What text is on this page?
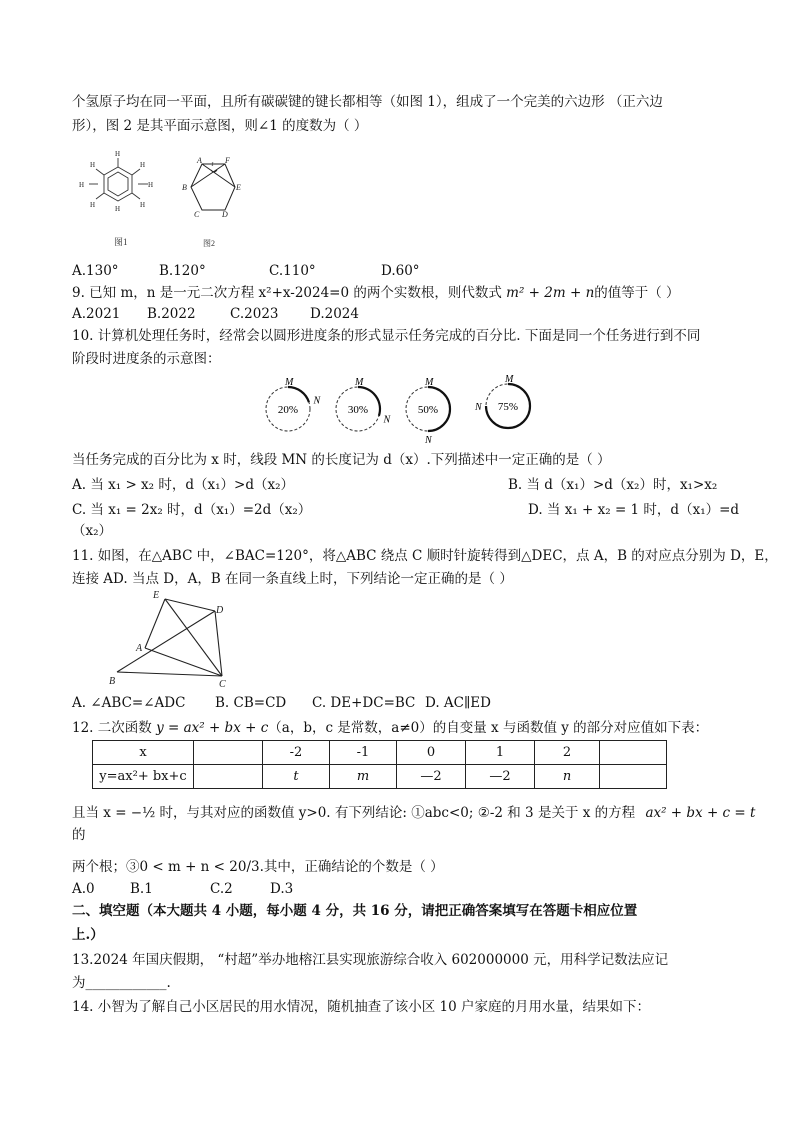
个氢原子均在同一平面，且所有碳碳键的键长都相等（如图 1），组成了一个完美的六边形 （正六边
形），图 2 是其平面示意图，则∠1 的度数为（ ）
H
H	H
H	H
H	H
H
图1
A	F
B	E
C	D
1
图2
A.130°	B.120°	C.110°	D.60°
9. 已知 m，n 是一元二次方程 x²+x-2024=0 的两个实数根，则代数式 m² + 2m + n的值等于（ ）
A.2021 B.2022	C.2023 D.2024
10. 计算机处理任务时，经常会以圆形进度条的形式显示任务完成的百分比. 下面是同一个任务进行到不同
阶段时进度条的示意图：
20%
M
N
30%
M
N
50%
M
N
75%
M
N
当任务完成的百分比为 x 时，线段 MN 的长度记为 d（x）.下列描述中一定正确的是（ ）
A. 当 x₁ > x₂ 时，d（x₁）>d（x₂）	B. 当 d（x₁）>d（x₂）时，x₁>x₂
C. 当 x₁ = 2x₂ 时，d（x₁）=2d（x₂）	D. 当 x₁ + x₂ = 1 时，d（x₁）=d
（x₂）
11. 如图，在△ABC 中，∠BAC=120°，将△ABC 绕点 C 顺时针旋转得到△DEC，点 A，B 的对应点分别为 D，E，
连接 AD. 当点 D，A，B 在同一条直线上时，下列结论一定正确的是（ ）
E
D
A
B	C
A. ∠ABC=∠ADC B. CB=CD C. DE+DC=BC D. AC∥ED
12. 二次函数 y = ax² + bx + c（a，b，c 是常数，a≠0）的自变量 x 与函数值 y 的部分对应值如下表：
x		-2	-1	0	1	2	
y=ax²+ bx+c		t	m	—2	—2	n	
且当 x = −½ 时，与其对应的函数值 y>0. 有下列结论: ①abc<0; ②-2 和 3 是关于 x 的方程 ax² + bx + c = t
的
两个根；③0 < m + n < 20/3.其中，正确结论的个数是（ ）
A.0	B.1	C.2	D.3
二、填空题（本大题共 4 小题，每小题 4 分，共 16 分，请把正确答案填写在答题卡相应位置
上.）
13.2024 年国庆假期， “村超”举办地榕江县实现旅游综合收入 602000000 元，用科学记数法应记
为____________.
14. 小智为了解自己小区居民的用水情况，随机抽查了该小区 10 户家庭的月用水量，结果如下：
